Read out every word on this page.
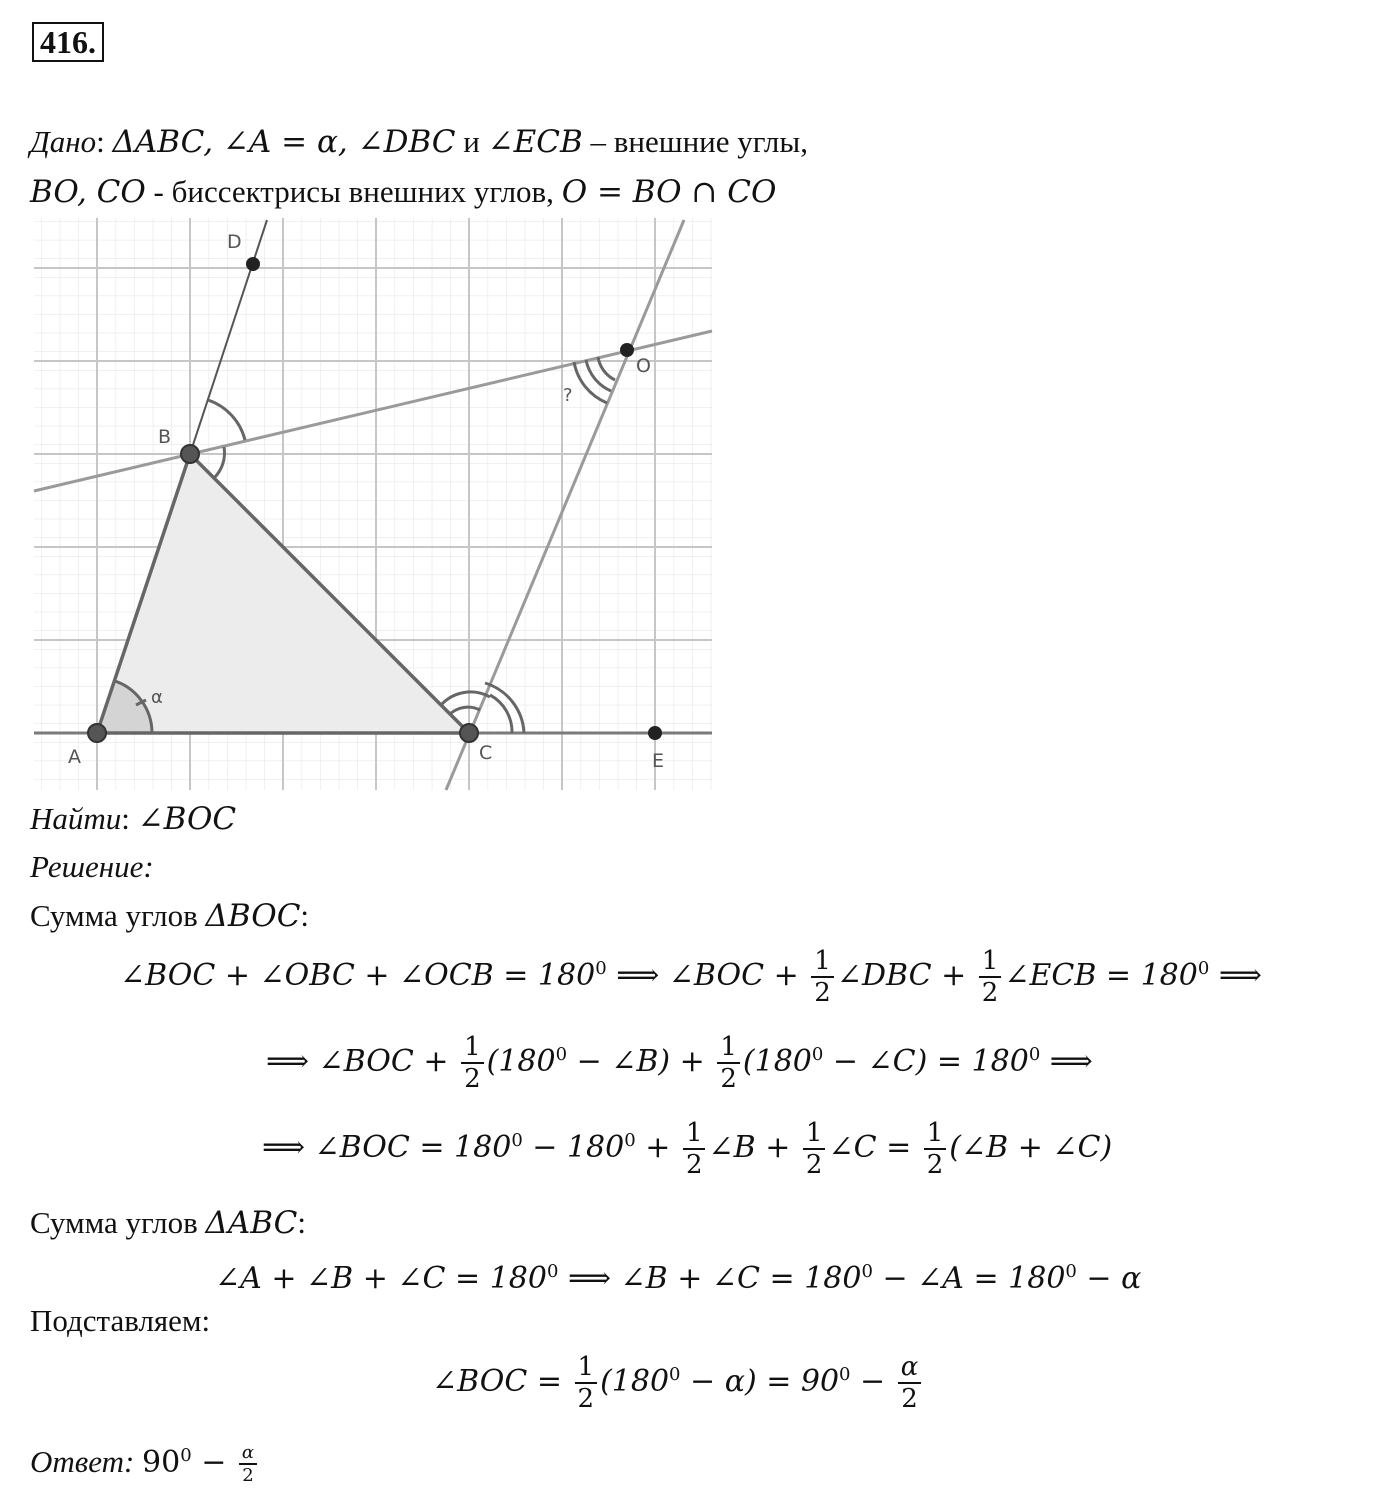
416.
Дано: ΔABC, ∠A = α, ∠DBC и ∠ECB – внешние углы,
BO, CO - биссектрисы внешних углов, O = BO ∩ CO
A
B
C
D
E
O
α
?
Найти: ∠BOC
Решение:
Сумма углов ΔBOC:
∠BOC + ∠OBC + ∠OCB = $180^0$ ⟹ ∠BOC + $\frac{1}{2}$ ∠DBC + $\frac{1}{2}$ ∠ECB = $180^0$ ⟹
⟹ ∠BOC + $\frac{1}{2} (180^0$ − ∠B) + $\frac{1}{2} (180^0$ − ∠C) = $180^0$ ⟹
⟹ ∠BOC = $180^0 - 180^0 + \frac{1}{2}$ ∠B + $\frac{1}{2}$ ∠C = $\frac{1}{2}$ (∠B + ∠C)
Сумма углов ΔABC:
∠A + ∠B + ∠C = $180^0$ ⟹ ∠B + ∠C = $180^0$ − ∠A = $180^0 - \alpha$
Подставляем:
∠BOC = $\frac{1}{2} (180^0 - \alpha) = 90^0 - \frac{\alpha}{2}$
Ответ: $90^0 - \frac{\alpha}{2}$
